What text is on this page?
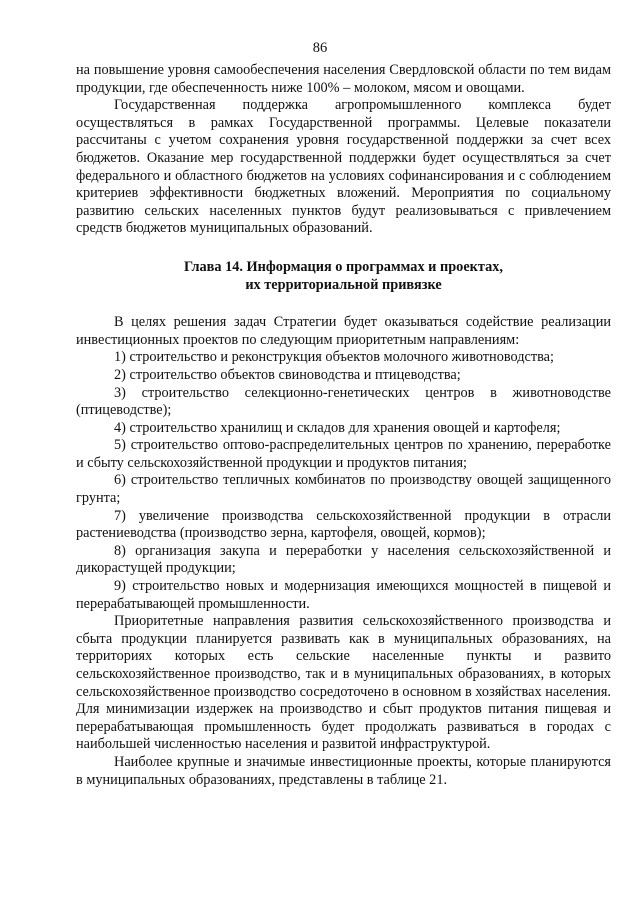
86

на повышение уровня самообеспечения населения Свердловской области по тем видам продукции, где обеспеченность ниже 100% – молоком, мясом и овощами.

Государственная поддержка агропромышленного комплекса будет осуществляться в рамках Государственной программы. Целевые показатели рассчитаны с учетом сохранения уровня государственной поддержки за счет всех бюджетов. Оказание мер государственной поддержки будет осуществляться за счет федерального и областного бюджетов на условиях софинансирования и с соблюдением критериев эффективности бюджетных вложений. Мероприятия по социальному развитию сельских населенных пунктов будут реализовываться с привлечением средств бюджетов муниципальных образований.

Глава 14. Информация о программах и проектах,
их территориальной привязке

В целях решения задач Стратегии будет оказываться содействие реализации инвестиционных проектов по следующим приоритетным направлениям:

1) строительство и реконструкция объектов молочного животноводства;

2) строительство объектов свиноводства и птицеводства;

3) строительство селекционно-генетических центров в животноводстве (птицеводстве);

4) строительство хранилищ и складов для хранения овощей и картофеля;

5) строительство оптово-распределительных центров по хранению, переработке и сбыту сельскохозяйственной продукции и продуктов питания;

6) строительство тепличных комбинатов по производству овощей защищенного грунта;

7) увеличение производства сельскохозяйственной продукции в отрасли растениеводства (производство зерна, картофеля, овощей, кормов);

8) организация закупа и переработки у населения сельскохозяйственной и дикорастущей продукции;

9) строительство новых и модернизация имеющихся мощностей в пищевой и перерабатывающей промышленности.

Приоритетные направления развития сельскохозяйственного производства и сбыта продукции планируется развивать как в муниципальных образованиях, на территориях которых есть сельские населенные пункты и развито сельскохозяйственное производство, так и в муниципальных образованиях, в которых сельскохозяйственное производство сосредоточено в основном в хозяйствах населения. Для минимизации издержек на производство и сбыт продуктов питания пищевая и перерабатывающая промышленность будет продолжать развиваться в городах с наибольшей численностью населения и развитой инфраструктурой.

Наиболее крупные и значимые инвестиционные проекты, которые планируются в муниципальных образованиях, представлены в таблице 21.
